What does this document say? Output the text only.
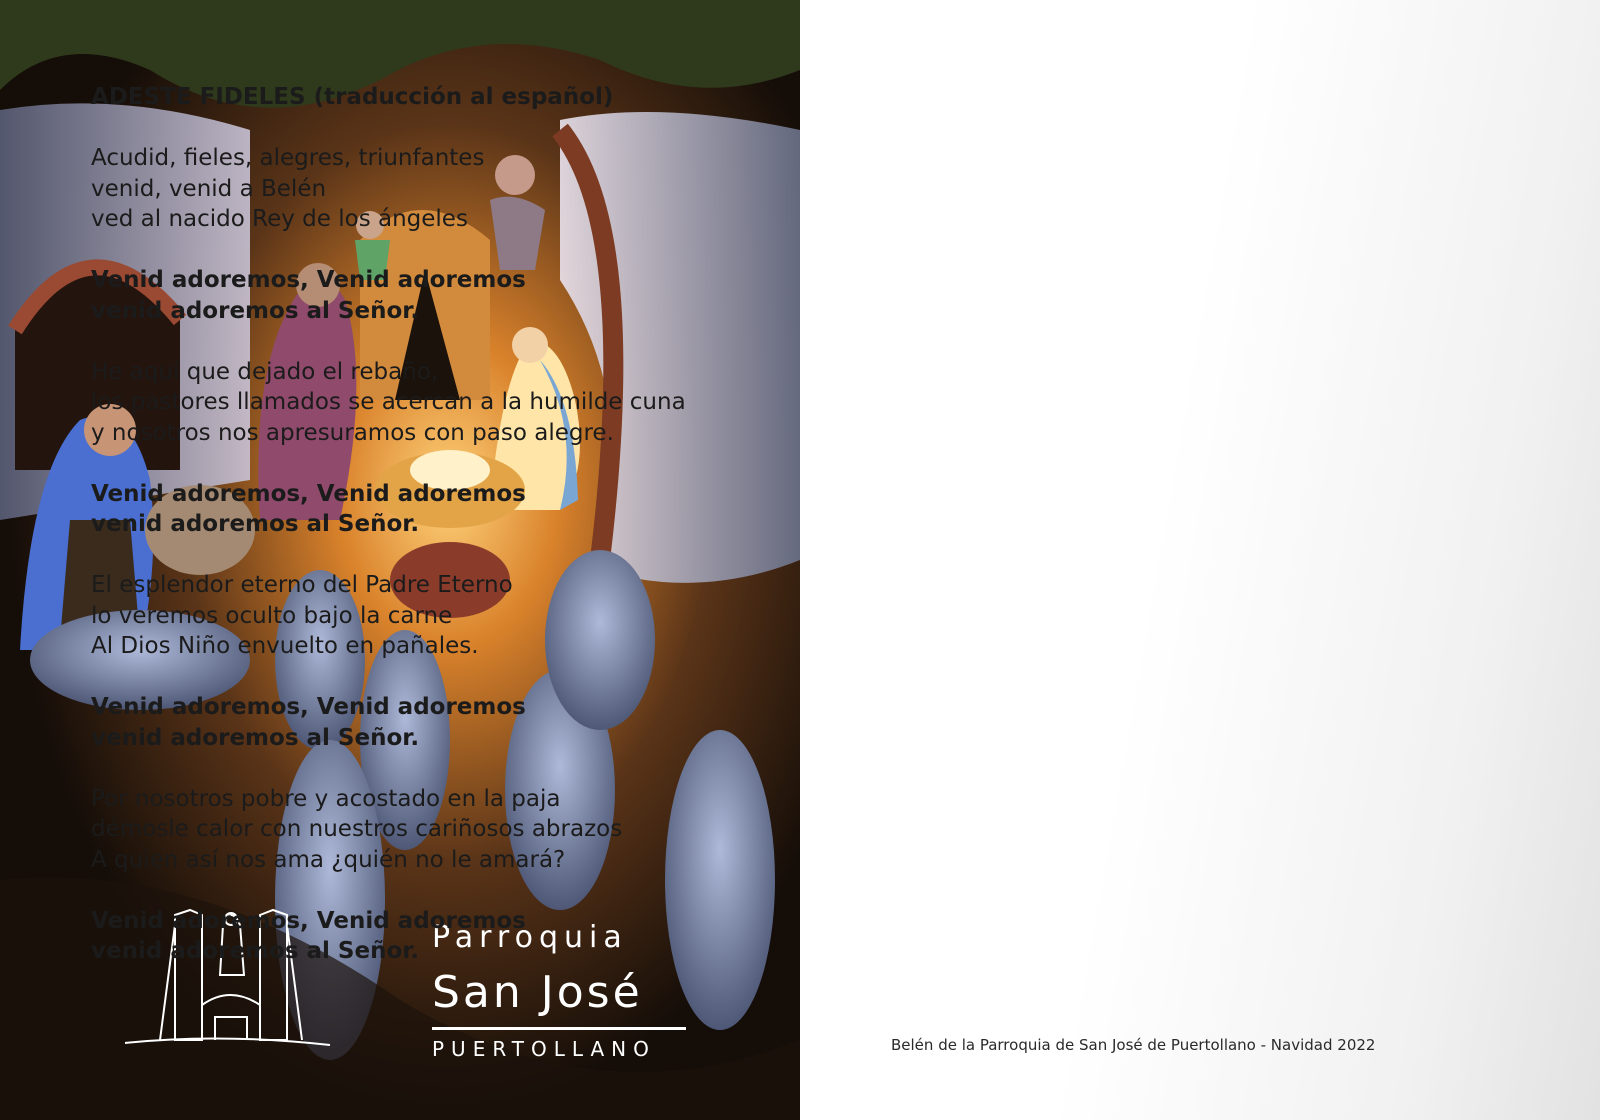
Parroquia
San José
PUERTOLLANO
ADESTE FIDELES (traducción al español)
Acudid, fieles, alegres, triunfantes
venid, venid a Belén
ved al nacido Rey de los ángeles
Venid adoremos, Venid adoremos
venid adoremos al Señor.
He aquí que dejado el rebaño,
los pastores llamados se acercan a la humilde cuna
y nosotros nos apresuramos con paso alegre.
Venid adoremos, Venid adoremos
venid adoremos al Señor.
El esplendor eterno del Padre Eterno
lo veremos oculto bajo la carne
Al Dios Niño envuelto en pañales.
Venid adoremos, Venid adoremos
venid adoremos al Señor.
Por nosotros pobre y acostado en la paja
démosle calor con nuestros cariñosos abrazos
A quien así nos ama ¿quién no le amará?
Venid adoremos, Venid adoremos
venid adoremos al Señor.
Belén de la Parroquia de San José de Puertollano - Navidad 2022
